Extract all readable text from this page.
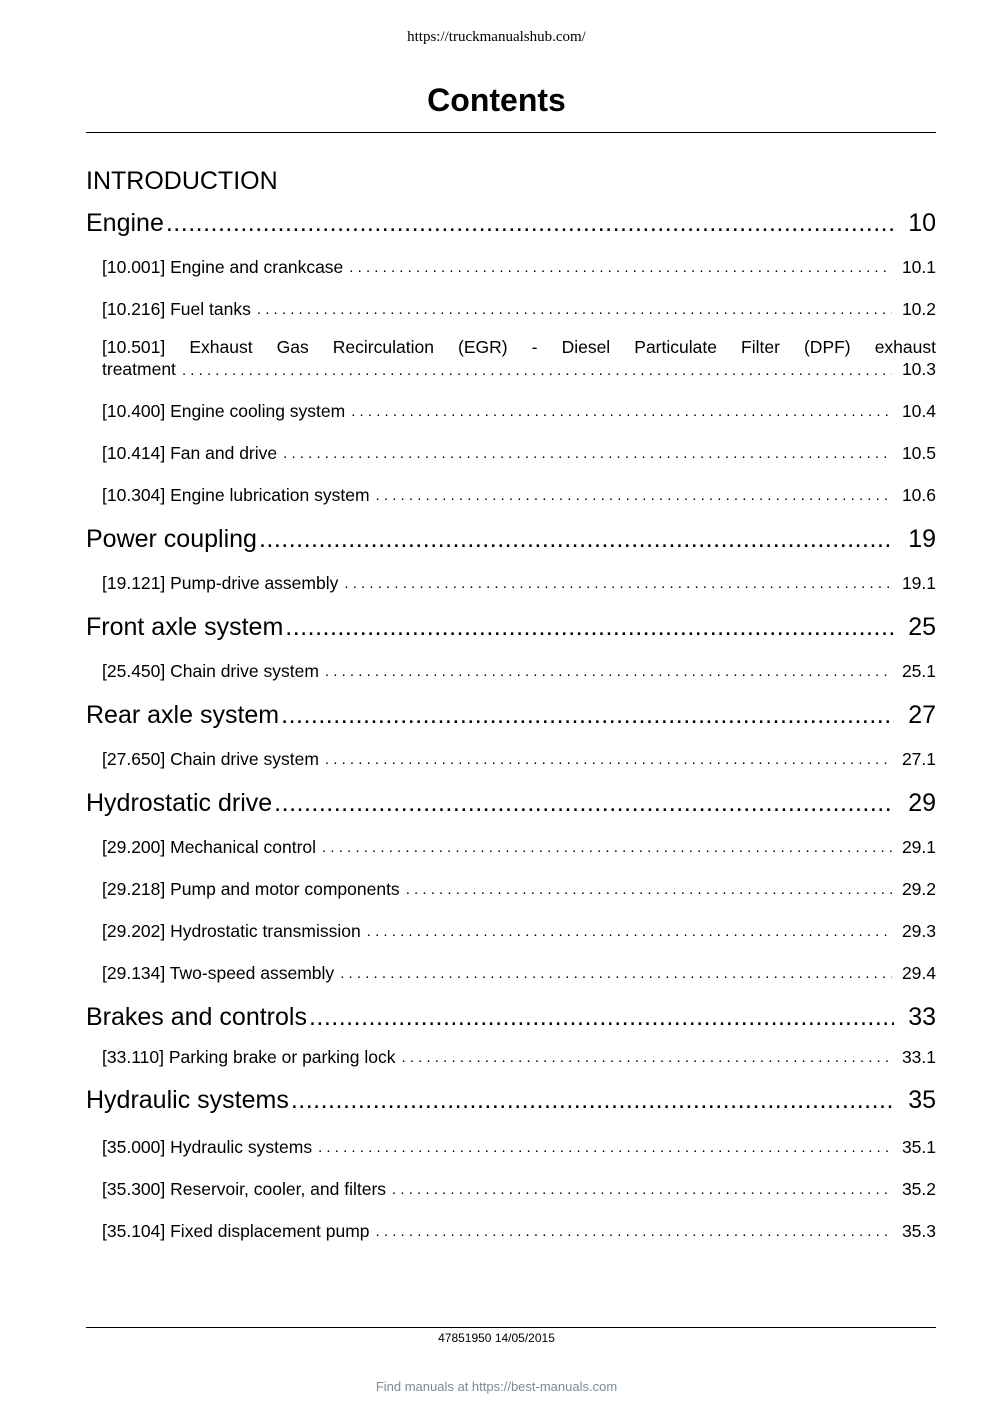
https://truckmanualshub.com/
Contents
INTRODUCTION
Engine .....	10
[10.001] Engine and crankcase . . .	10.1
[10.216] Fuel tanks . . .	10.2
[10.501] Exhaust Gas Recirculation (EGR) - Diesel Particulate Filter (DPF) exhaust
treatment . . .	10.3
[10.400] Engine cooling system . . .	10.4
[10.414] Fan and drive . . .	10.5
[10.304] Engine lubrication system . . .	10.6
Power coupling .....	19
[19.121] Pump-drive assembly . . .	19.1
Front axle system .....	25
[25.450] Chain drive system . . .	25.1
Rear axle system .....	27
[27.650] Chain drive system . . .	27.1
Hydrostatic drive .....	29
[29.200] Mechanical control . . .	29.1
[29.218] Pump and motor components . . .	29.2
[29.202] Hydrostatic transmission . . .	29.3
[29.134] Two-speed assembly . . .	29.4
Brakes and controls .....	33
[33.110] Parking brake or parking lock . . .	33.1
Hydraulic systems .....	35
[35.000] Hydraulic systems . . .	35.1
[35.300] Reservoir, cooler, and filters . . .	35.2
[35.104] Fixed displacement pump . . .	35.3
47851950 14/05/2015
Find manuals at https://best-manuals.com
